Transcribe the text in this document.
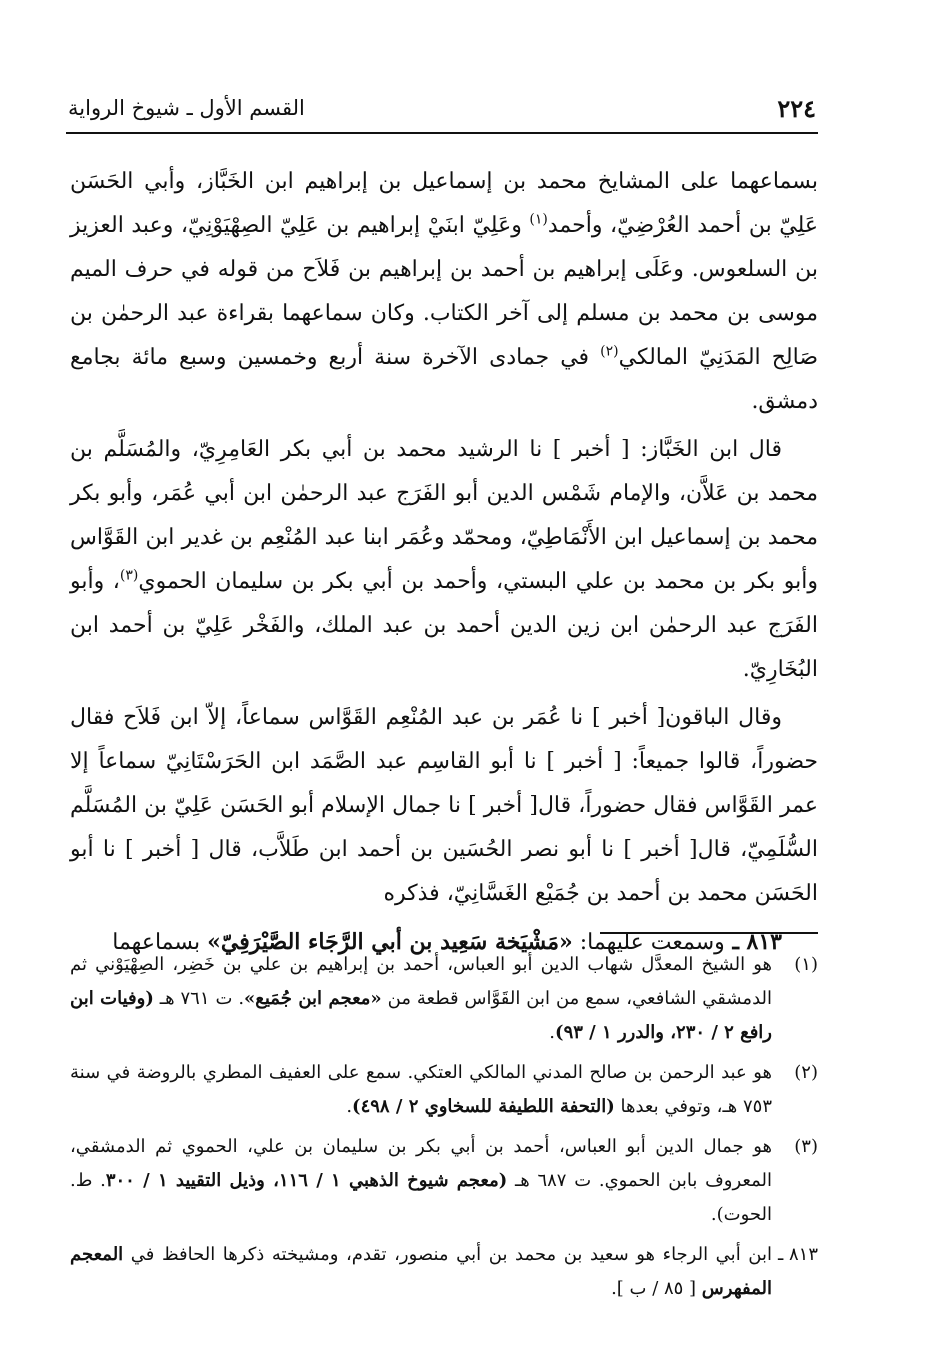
٢٢٤
القسم الأول ـ شيوخ الرواية

بسماعهما على المشايخ محمد بن إسماعيل بن إبراهيم ابن الخَبَّاز، وأبي الحَسَن عَلِيّ بن أحمد العُرْضِيّ، وأحمد$^{(١)}$ وعَلِيّ ابنَيْ إبراهيم بن عَلِيّ الصِهْيَوْنِيّ، وعبد العزيز بن السلعوس. وعَلَى إبراهيم بن أحمد بن إبراهيم بن فَلاَح من قوله في حرف الميم موسى بن محمد بن مسلم إلى آخر الكتاب. وكان سماعهما بقراءة عبد الرحمٰن بن صَالِح المَدَنِيّ المالكي$^{(٢)}$ في جمادى الآخرة سنة أربع وخمسين وسبع مائة بجامع دمشق.

قال ابن الخَبَّاز: [ أخبر ] نا الرشيد محمد بن أبي بكر العَامِرِيّ، والمُسَلَّم بن محمد بن عَلاَّن، والإمام شَمْس الدين أبو الفَرَج عبد الرحمٰن ابن أبي عُمَر، وأبو بكر محمد بن إسماعيل ابن الأَنْمَاطِيّ، ومحمّد وعُمَر ابنا عبد المُنْعِم بن غدير ابن القَوَّاس وأبو بكر بن محمد بن علي البستي، وأحمد بن أبي بكر بن سليمان الحموي$^{(٣)}$، وأبو الفَرَج عبد الرحمٰن ابن زين الدين أحمد بن عبد الملك، والفَخْر عَلِيّ بن أحمد ابن البُخَارِيّ.

وقال الباقون[ أخبر ] نا عُمَر بن عبد المُنْعِم القَوَّاس سماعاً، إلاّ ابن فَلاَح فقال حضوراً، قالوا جميعاً: [ أخبر ] نا أبو القاسِم عبد الصَّمَد ابن الحَرَسْتَانِيّ سماعاً إلا عمر القَوَّاس فقال حضوراً، قال[ أخبر ] نا جمال الإسلام أبو الحَسَن عَلِيّ بن المُسَلَّم السُّلَمِيّ، قال[ أخبر ] نا أبو نصر الحُسَين بن أحمد ابن طَلاَّب، قال [ أخبر ] نا أبو الحَسَن محمد بن أحمد بن جُمَيْع الغَسَّانِيّ، فذكره

٨١٣ ـ وسمعت عليهما: «مَشْيَخة سَعِيد بن أبي الرَّجَاء الصَّيْرَفِيّ» بسماعهما

(١)
هو الشيخ المعدَّل شهاب الدين أبو العباس، أحمد بن إبراهيم بن علي بن خَضِر، الصِهْيَوْني ثم الدمشقي الشافعي، سمع من ابن القَوَّاس قطعة من «معجم ابن جُمَيع». ت ٧٦١ هـ (وفيات ابن رافع ٢ / ٢٣٠، والدرر ١ / ٩٣).
(٢)
هو عبد الرحمن بن صالح المدني المالكي العتكي. سمع على العفيف المطري بالروضة في سنة ٧٥٣ هـ، وتوفي بعدها (التحفة اللطيفة للسخاوي ٢ / ٤٩٨).
(٣)
هو جمال الدين أبو العباس، أحمد بن أبي بكر بن سليمان بن علي، الحموي ثم الدمشقي، المعروف بابن الحموي. ت ٦٨٧ هـ (معجم شيوخ الذهبي ١ / ١١٦، وذيل التقييد ١ / ٣٠٠. ط. الحوت).
٨١٣ ـ
ابن أبي الرجاء هو سعيد بن محمد بن أبي منصور، تقدم، ومشيخته ذكرها الحافظ في المعجم المفهرس [ ٨٥ / ب ].
